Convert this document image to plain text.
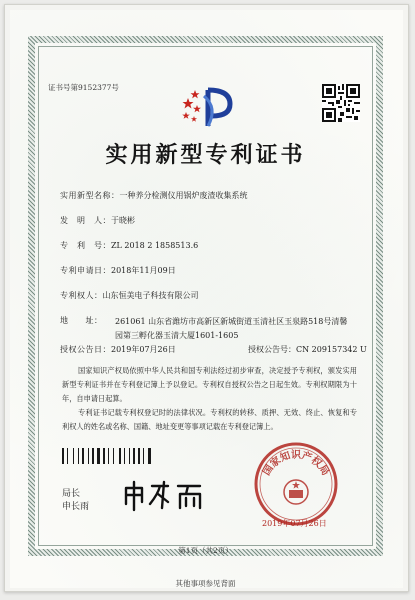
证书号第9152377号
实用新型专利证书
实用新型名称：一种养分检测仪用锅炉废渣收集系统
发　明　人：于晓彬
专　利　号：ZL 2018 2 1858513.6
专利申请日：2018年11月09日
专利权人：山东恒美电子科技有限公司
地　　址：	261061 山东省潍坊市高新区新城街道玉清社区玉泉路518号清馨园第三孵化器玉清大厦1601-1605
授权公告日：2019年07月26日	授权公告号：CN 209157342 U
国家知识产权局依照中华人民共和国专利法经过初步审查，决定授予专利权，颁发实用新型专利证书并在专利登记簿上予以登记。专利权自授权公告之日起生效。专利权期限为十年，自申请日起算。
专利证书记载专利权登记时的法律状况。专利权的转移、质押、无效、终止、恢复和专利权人的姓名或名称、国籍、地址变更等事项记载在专利登记簿上。
局长
申长雨
国家知识产权局
2019年07月26日
第1页（共2页）
其他事项参见背面
